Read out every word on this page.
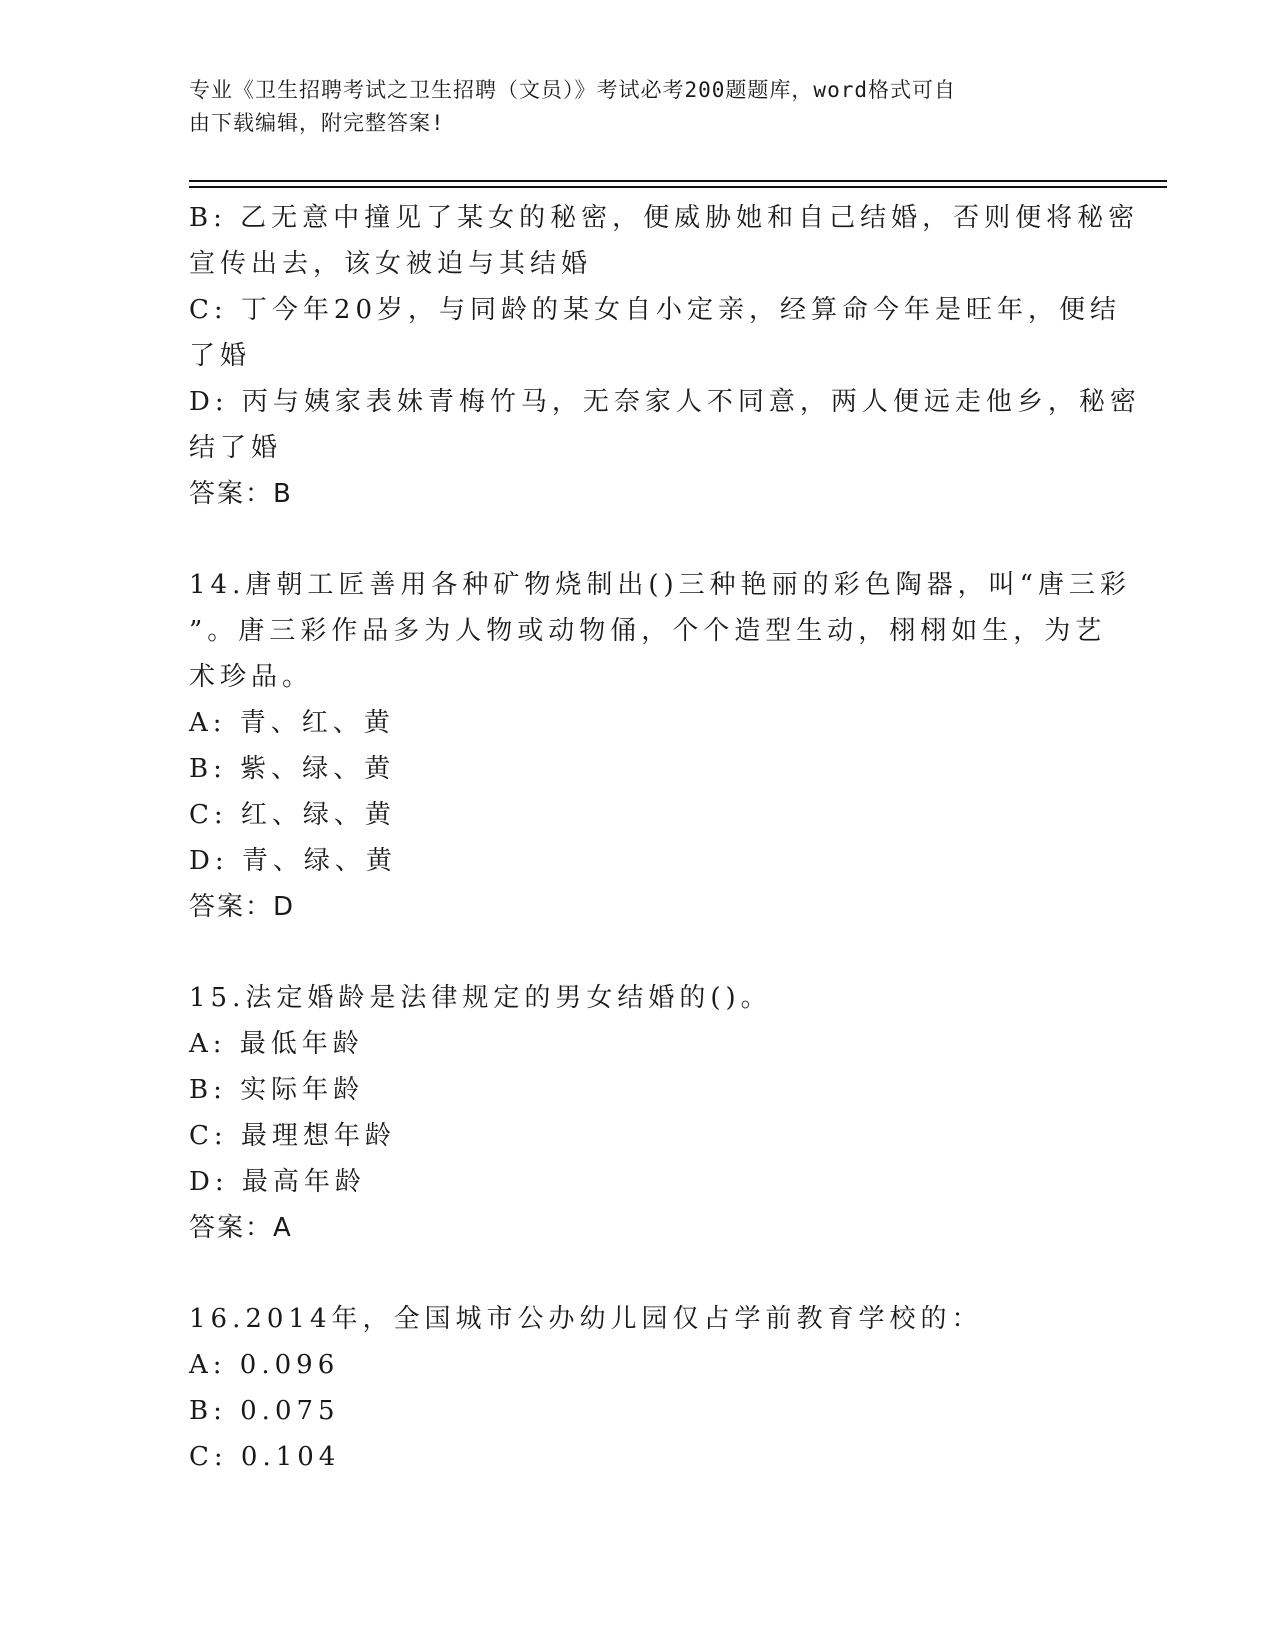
专业《卫生招聘考试之卫生招聘（文员）》考试必考200题题库，word格式可自
由下载编辑，附完整答案!
B: 乙无意中撞见了某女的秘密，便威胁她和自己结婚，否则便将秘密
宣传出去，该女被迫与其结婚
C: 丁今年20岁，与同龄的某女自小定亲，经算命今年是旺年，便结
了婚
D: 丙与姨家表妹青梅竹马，无奈家人不同意，两人便远走他乡，秘密
结了婚
答案：B
14.唐朝工匠善用各种矿物烧制出()三种艳丽的彩色陶器，叫“唐三彩
”。唐三彩作品多为人物或动物俑，个个造型生动，栩栩如生，为艺
术珍品。
A: 青、红、黄
B: 紫、绿、黄
C: 红、绿、黄
D: 青、绿、黄
答案：D
15.法定婚龄是法律规定的男女结婚的()。
A: 最低年龄
B: 实际年龄
C: 最理想年龄
D: 最高年龄
答案：A
16.2014年，全国城市公办幼儿园仅占学前教育学校的：
A: 0.096
B: 0.075
C: 0.104
